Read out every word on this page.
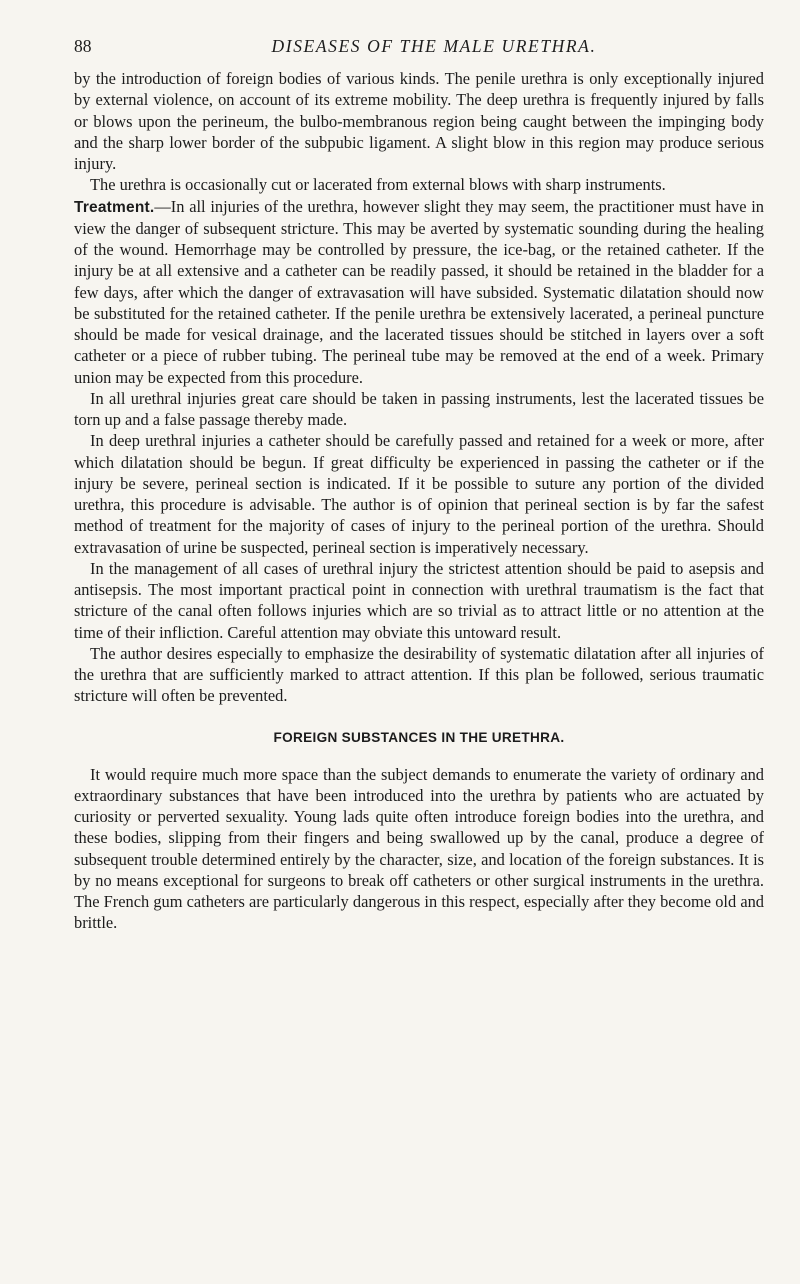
88	DISEASES OF THE MALE URETHRA.

by the introduction of foreign bodies of various kinds. The penile urethra is only exceptionally injured by external violence, on account of its extreme mobility. The deep urethra is frequently injured by falls or blows upon the perineum, the bulbo-membranous region being caught between the impinging body and the sharp lower border of the subpubic ligament. A slight blow in this region may produce serious injury.

The urethra is occasionally cut or lacerated from external blows with sharp instruments.

Treatment.—In all injuries of the urethra, however slight they may seem, the practitioner must have in view the danger of subsequent stricture. This may be averted by systematic sounding during the healing of the wound. Hemorrhage may be controlled by pressure, the ice-bag, or the retained catheter. If the injury be at all extensive and a catheter can be readily passed, it should be retained in the bladder for a few days, after which the danger of extravasation will have subsided. Systematic dilatation should now be substituted for the retained catheter. If the penile urethra be extensively lacerated, a perineal puncture should be made for vesical drainage, and the lacerated tissues should be stitched in layers over a soft catheter or a piece of rubber tubing. The perineal tube may be removed at the end of a week. Primary union may be expected from this procedure.

In all urethral injuries great care should be taken in passing instruments, lest the lacerated tissues be torn up and a false passage thereby made.

In deep urethral injuries a catheter should be carefully passed and retained for a week or more, after which dilatation should be begun. If great difficulty be experienced in passing the catheter or if the injury be severe, perineal section is indicated. If it be possible to suture any portion of the divided urethra, this procedure is advisable. The author is of opinion that perineal section is by far the safest method of treatment for the majority of cases of injury to the perineal portion of the urethra. Should extravasation of urine be suspected, perineal section is imperatively necessary.

In the management of all cases of urethral injury the strictest attention should be paid to asepsis and antisepsis. The most important practical point in connection with urethral traumatism is the fact that stricture of the canal often follows injuries which are so trivial as to attract little or no attention at the time of their infliction. Careful attention may obviate this untoward result.

The author desires especially to emphasize the desirability of systematic dilatation after all injuries of the urethra that are sufficiently marked to attract attention. If this plan be followed, serious traumatic stricture will often be prevented.

FOREIGN SUBSTANCES IN THE URETHRA.

It would require much more space than the subject demands to enumerate the variety of ordinary and extraordinary substances that have been introduced into the urethra by patients who are actuated by curiosity or perverted sexuality. Young lads quite often introduce foreign bodies into the urethra, and these bodies, slipping from their fingers and being swallowed up by the canal, produce a degree of subsequent trouble determined entirely by the character, size, and location of the foreign substances. It is by no means exceptional for surgeons to break off catheters or other surgical instruments in the urethra. The French gum catheters are particularly dangerous in this respect, especially after they become old and brittle.
